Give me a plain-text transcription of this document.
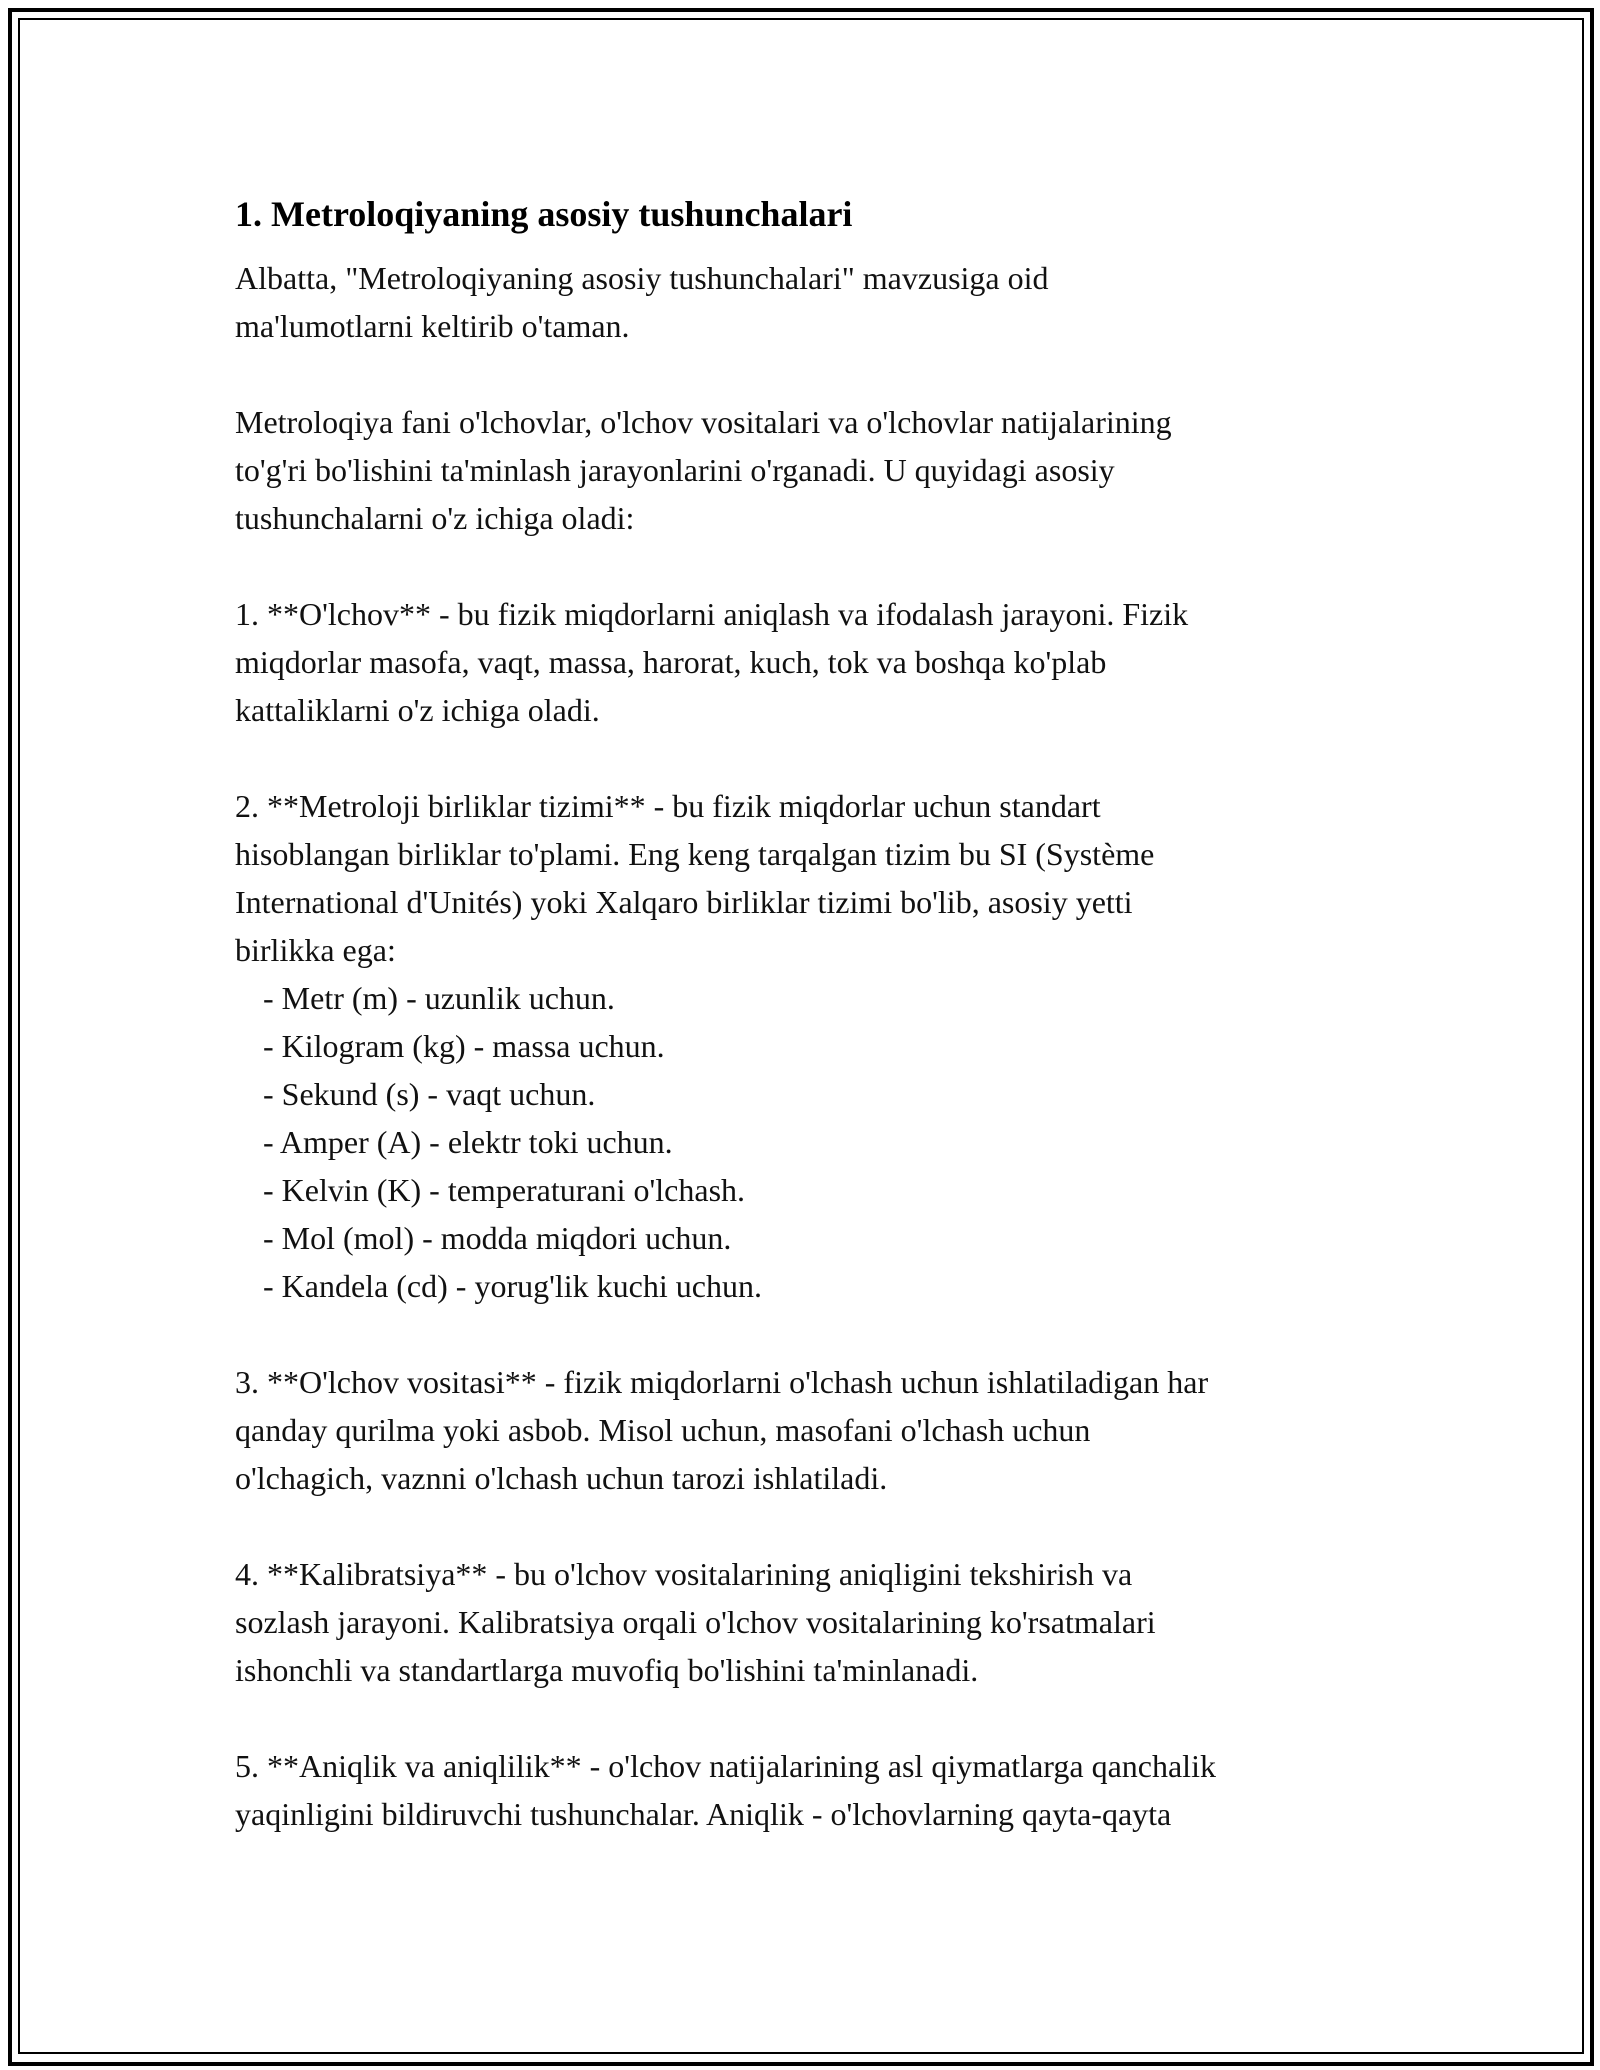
1. Metroloqiyaning asosiy tushunchalari

Albatta, "Metroloqiyaning asosiy tushunchalari" mavzusiga oid
ma'lumotlarni keltirib o'taman.

Metroloqiya fani o'lchovlar, o'lchov vositalari va o'lchovlar natijalarining
to'g'ri bo'lishini ta'minlash jarayonlarini o'rganadi. U quyidagi asosiy
tushunchalarni o'z ichiga oladi:

1. **O'lchov** - bu fizik miqdorlarni aniqlash va ifodalash jarayoni. Fizik
miqdorlar masofa, vaqt, massa, harorat, kuch, tok va boshqa ko'plab
kattaliklarni o'z ichiga oladi.

2. **Metroloji birliklar tizimi** - bu fizik miqdorlar uchun standart
hisoblangan birliklar to'plami. Eng keng tarqalgan tizim bu SI (Système
International d'Unités) yoki Xalqaro birliklar tizimi bo'lib, asosiy yetti
birlikka ega:

- Metr (m) - uzunlik uchun.
- Kilogram (kg) - massa uchun.
- Sekund (s) - vaqt uchun.
- Amper (A) - elektr toki uchun.
- Kelvin (K) - temperaturani o'lchash.
- Mol (mol) - modda miqdori uchun.
- Kandela (cd) - yorug'lik kuchi uchun.

3. **O'lchov vositasi** - fizik miqdorlarni o'lchash uchun ishlatiladigan har
qanday qurilma yoki asbob. Misol uchun, masofani o'lchash uchun
o'lchagich, vaznni o'lchash uchun tarozi ishlatiladi.

4. **Kalibratsiya** - bu o'lchov vositalarining aniqligini tekshirish va
sozlash jarayoni. Kalibratsiya orqali o'lchov vositalarining ko'rsatmalari
ishonchli va standartlarga muvofiq bo'lishini ta'minlanadi.

5. **Aniqlik va aniqlilik** - o'lchov natijalarining asl qiymatlarga qanchalik
yaqinligini bildiruvchi tushunchalar. Aniqlik - o'lchovlarning qayta-qayta
